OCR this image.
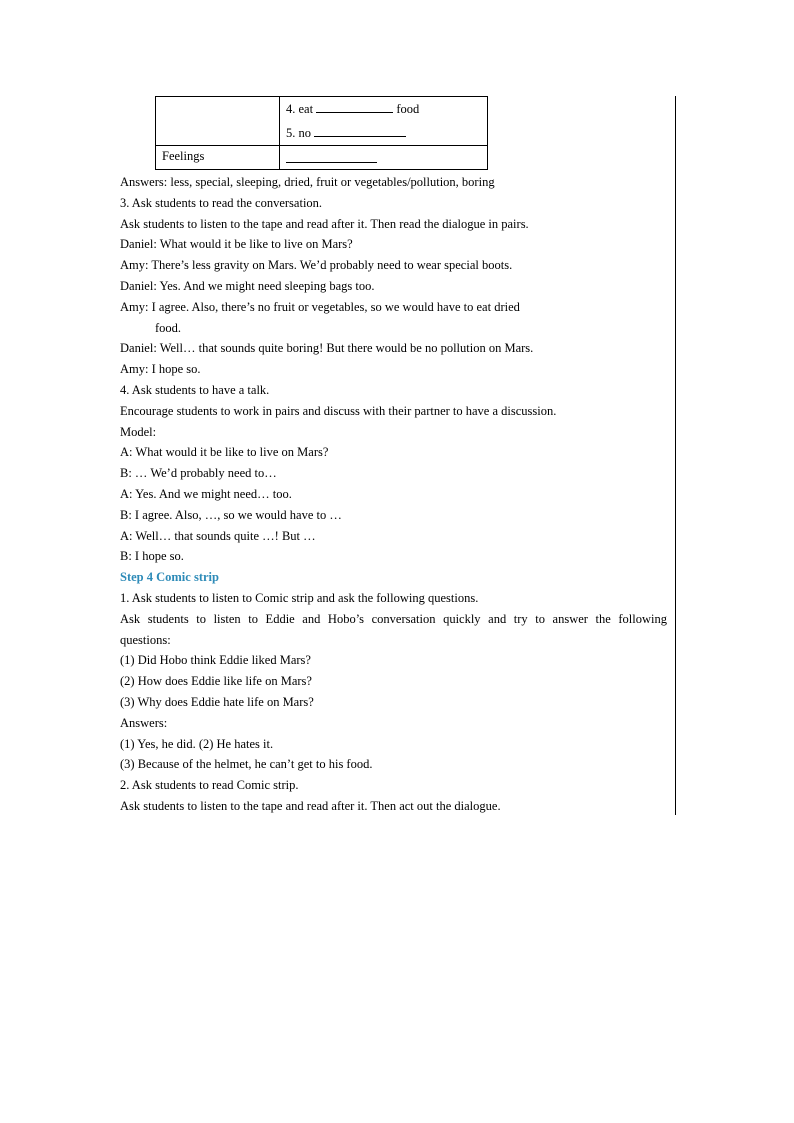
	4. eat food
5. no

Feelings	
Answers: less, special, sleeping, dried, fruit or vegetables/pollution, boring
3. Ask students to read the conversation.
Ask students to listen to the tape and read after it. Then read the dialogue in pairs.
Daniel: What would it be like to live on Mars?
Amy: There’s less gravity on Mars. We’d probably need to wear special boots.
Daniel: Yes. And we might need sleeping bags too.
Amy: I agree. Also, there’s no fruit or vegetables, so we would have to eat dried
food.
Daniel: Well… that sounds quite boring! But there would be no pollution on Mars.
Amy: I hope so.
4. Ask students to have a talk.
Encourage students to work in pairs and discuss with their partner to have a discussion.
Model:
A: What would it be like to live on Mars?
B: … We’d probably need to…
A: Yes. And we might need… too.
B: I agree. Also, …, so we would have to …
A: Well… that sounds quite …! But …
B: I hope so.
Step 4 Comic strip
1. Ask students to listen to Comic strip and ask the following questions.
Ask students to listen to Eddie and Hobo’s conversation quickly and try to answer the following
questions:
(1) Did Hobo think Eddie liked Mars?
(2) How does Eddie like life on Mars?
(3) Why does Eddie hate life on Mars?
Answers:
(1) Yes, he did. (2) He hates it.
(3) Because of the helmet, he can’t get to his food.
2. Ask students to read Comic strip.
Ask students to listen to the tape and read after it. Then act out the dialogue.
